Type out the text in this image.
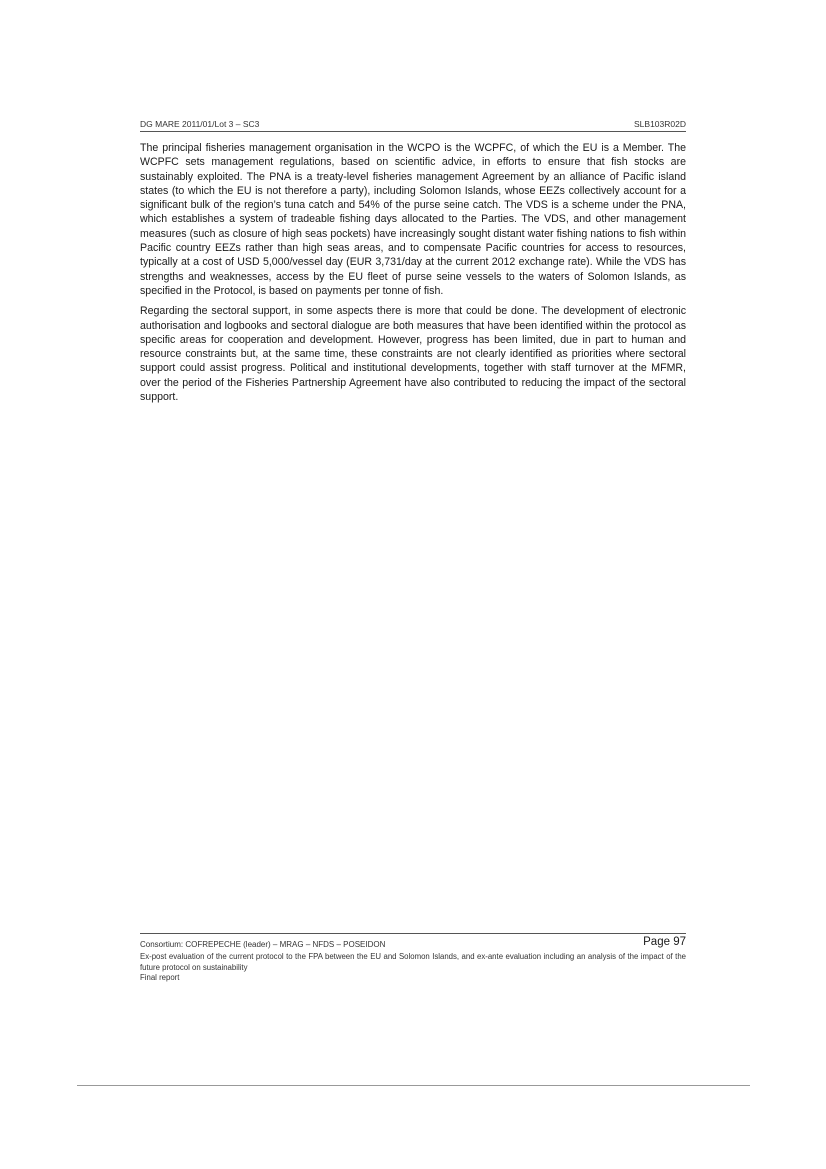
DG MARE 2011/01/Lot 3 – SC3	SLB103R02D

The principal fisheries management organisation in the WCPO is the WCPFC, of which the EU is a Member. The WCPFC sets management regulations, based on scientific advice, in efforts to ensure that fish stocks are sustainably exploited. The PNA is a treaty-level fisheries management Agreement by an alliance of Pacific island states (to which the EU is not therefore a party), including Solomon Islands, whose EEZs collectively account for a significant bulk of the region’s tuna catch and 54% of the purse seine catch. The VDS is a scheme under the PNA, which establishes a system of tradeable fishing days allocated to the Parties. The VDS, and other management measures (such as closure of high seas pockets) have increasingly sought distant water fishing nations to fish within Pacific country EEZs rather than high seas areas, and to compensate Pacific countries for access to resources, typically at a cost of USD 5,000/vessel day (EUR 3,731/day at the current 2012 exchange rate). While the VDS has strengths and weaknesses, access by the EU fleet of purse seine vessels to the waters of Solomon Islands, as specified in the Protocol, is based on payments per tonne of fish.

Regarding the sectoral support, in some aspects there is more that could be done. The development of electronic authorisation and logbooks and sectoral dialogue are both measures that have been identified within the protocol as specific areas for cooperation and development. However, progress has been limited, due in part to human and resource constraints but, at the same time, these constraints are not clearly identified as priorities where sectoral support could assist progress. Political and institutional developments, together with staff turnover at the MFMR, over the period of the Fisheries Partnership Agreement have also contributed to reducing the impact of the sectoral support.

Consortium: COFREPECHE (leader) – MRAG – NFDS – POSEIDON	Page 97
Ex-post evaluation of the current protocol to the FPA between the EU and Solomon Islands, and ex-ante evaluation including an analysis of the impact of the future protocol on sustainability
Final report
